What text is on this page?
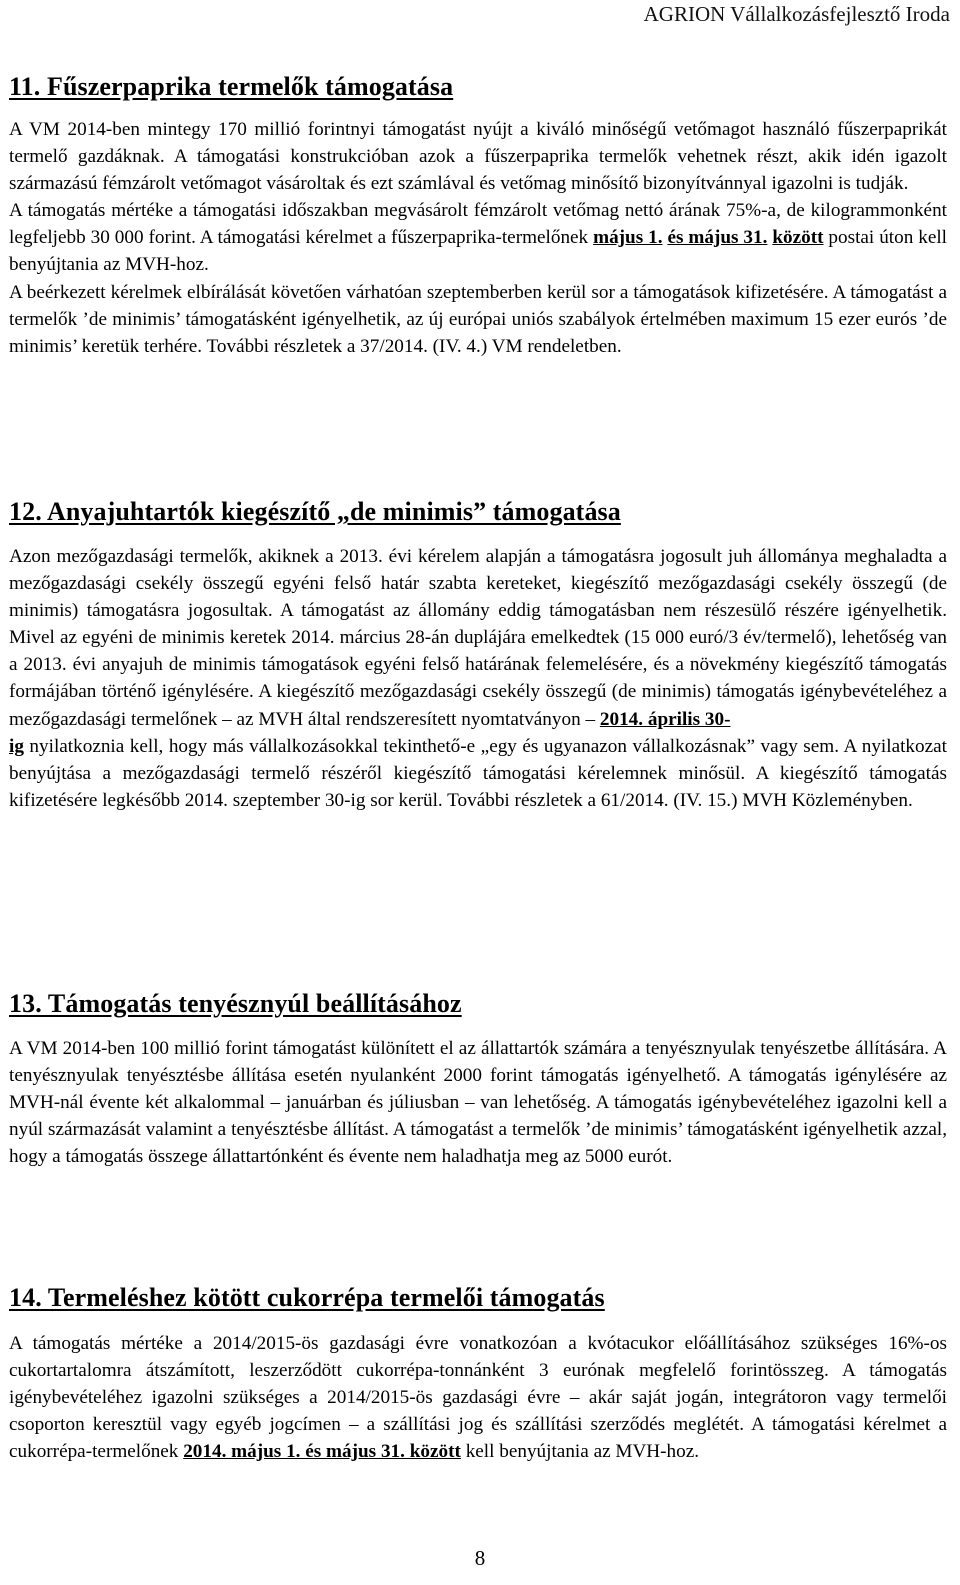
AGRION Vállalkozásfejlesztő Iroda
11. Fűszerpaprika termelők támogatása

A VM 2014-ben mintegy 170 millió forintnyi támogatást nyújt a kiváló minőségű vetőmagot használó fűszerpaprikát termelő gazdáknak. A támogatási konstrukcióban azok a fűszerpaprika termelők vehetnek részt, akik idén igazolt származású fémzárolt vetőmagot vásároltak és ezt számlával és vetőmag minősítő bizonyítvánnyal igazolni is tudják.

A támogatás mértéke a támogatási időszakban megvásárolt fémzárolt vetőmag nettó árának 75%-a, de kilogrammonként legfeljebb 30 000 forint. A támogatási kérelmet a fűszerpaprika-termelőnek május 1. és május 31. között postai úton kell benyújtania az MVH-hoz.

A beérkezett kérelmek elbírálását követően várhatóan szeptemberben kerül sor a támogatások kifizetésére. A támogatást a termelők ’de minimis’ támogatásként igényelhetik, az új európai uniós szabályok értelmében maximum 15 ezer eurós ’de minimis’ keretük terhére. További részletek a 37/2014. (IV. 4.) VM rendeletben.

12. Anyajuhtartók kiegészítő „de minimis” támogatása

Azon mezőgazdasági termelők, akiknek a 2013. évi kérelem alapján a támogatásra jogosult juh állománya meghaladta a mezőgazdasági csekély összegű egyéni felső határ szabta kereteket, kiegészítő mezőgazdasági csekély összegű (de minimis) támogatásra jogosultak. A támogatást az állomány eddig támogatásban nem részesülő részére igényelhetik. Mivel az egyéni de minimis keretek 2014. március 28-án duplájára emelkedtek (15 000 euró/3 év/termelő), lehetőség van a 2013. évi anyajuh de minimis támogatások egyéni felső határának felemelésére, és a növekmény kiegészítő támogatás formájában történő igénylésére. A kiegészítő mezőgazdasági csekély összegű (de minimis) támogatás igénybevételéhez a mezőgazdasági termelőnek – az MVH által rendszeresített nyomtatványon – 2014. április 30-
ig nyilatkoznia kell, hogy más vállalkozásokkal tekinthető-e „egy és ugyanazon vállalkozásnak” vagy sem. A nyilatkozat benyújtása a mezőgazdasági termelő részéről kiegészítő támogatási kérelemnek minősül. A kiegészítő támogatás kifizetésére legkésőbb 2014. szeptember 30-ig sor kerül. További részletek a 61/2014. (IV. 15.) MVH Közleményben.

13. Támogatás tenyésznyúl beállításához

A VM 2014-ben 100 millió forint támogatást különített el az állattartók számára a tenyésznyulak tenyészetbe állítására. A tenyésznyulak tenyésztésbe állítása esetén nyulanként 2000 forint támogatás igényelhető. A támogatás igénylésére az MVH-nál évente két alkalommal – januárban és júliusban – van lehetőség. A támogatás igénybevételéhez igazolni kell a nyúl származását valamint a tenyésztésbe állítást. A támogatást a termelők ’de minimis’ támogatásként igényelhetik azzal, hogy a támogatás összege állattartónként és évente nem haladhatja meg az 5000 eurót.

14. Termeléshez kötött cukorrépa termelői támogatás

A támogatás mértéke a 2014/2015-ös gazdasági évre vonatkozóan a kvótacukor előállításához szükséges 16%-os cukortartalomra átszámított, leszerződött cukorrépa-tonnánként 3 eurónak megfelelő forintösszeg. A támogatás igénybevételéhez igazolni szükséges a 2014/2015-ös gazdasági évre – akár saját jogán, integrátoron vagy termelői csoporton keresztül vagy egyéb jogcímen – a szállítási jog és szállítási szerződés meglétét. A támogatási kérelmet a cukorrépa-termelőnek 2014. május 1. és május 31. között kell benyújtania az MVH-hoz.

8
